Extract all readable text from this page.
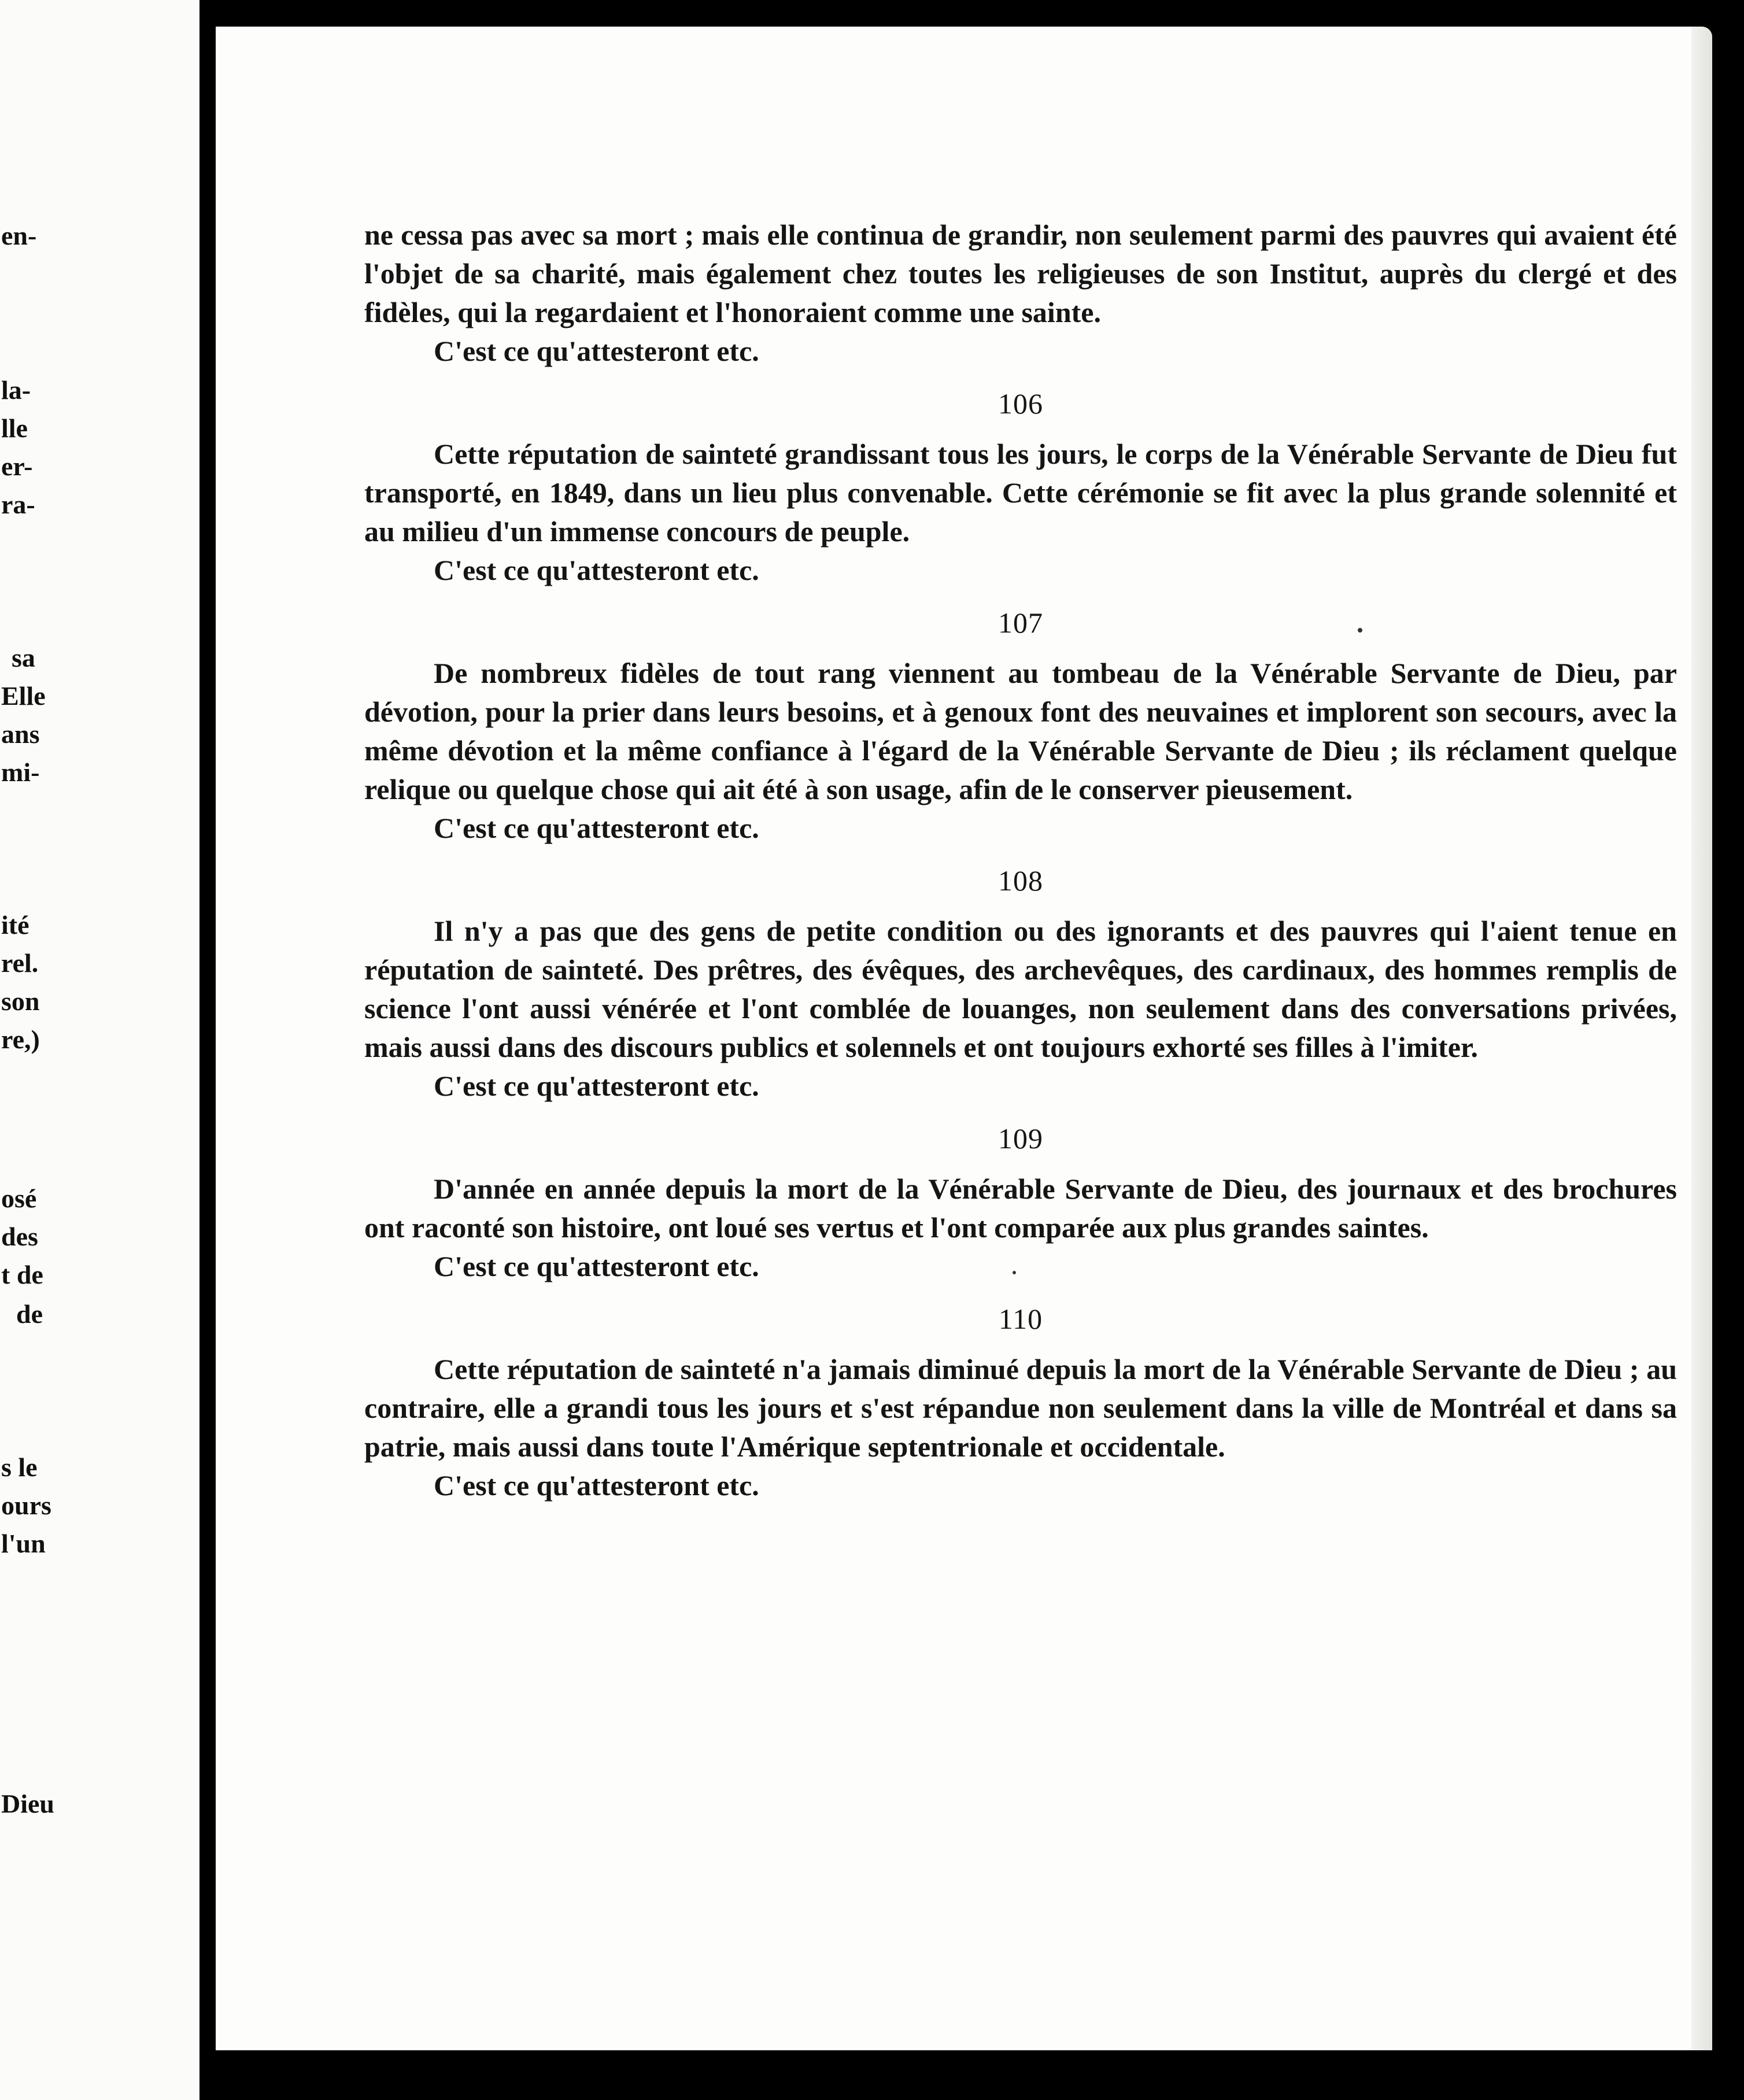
en-
la-
lle
er-
ra-
sa
Elle
ans
mi-
ité
rel.
son
re,)
osé
des
t de
de
s le
ours
l'un
Dieu

ne cessa pas avec sa mort ; mais elle continua de grandir, non seulement parmi des pauvres qui avaient été l'objet de sa charité, mais également chez toutes les religieuses de son Institut, auprès du clergé et des fidèles, qui la regardaient et l'honoraient comme une sainte.

C'est ce qu'attesteront etc.

106

Cette réputation de sainteté grandissant tous les jours, le corps de la Vénérable Servante de Dieu fut transporté, en 1849, dans un lieu plus convenable. Cette cérémonie se fit avec la plus grande solennité et au milieu d'un immense concours de peuple.

C'est ce qu'attesteront etc.

107

De nombreux fidèles de tout rang viennent au tombeau de la Vénérable Servante de Dieu, par dévotion, pour la prier dans leurs besoins, et à genoux font des neuvaines et implorent son secours, avec la même dévotion et la même confiance à l'égard de la Vénérable Servante de Dieu ; ils réclament quelque relique ou quelque chose qui ait été à son usage, afin de le conserver pieusement.

C'est ce qu'attesteront etc.

108

Il n'y a pas que des gens de petite condition ou des ignorants et des pauvres qui l'aient tenue en réputation de sainteté. Des prêtres, des évêques, des archevêques, des cardinaux, des hommes remplis de science l'ont aussi vénérée et l'ont comblée de louanges, non seulement dans des conversations privées, mais aussi dans des discours publics et solennels et ont toujours exhorté ses filles à l'imiter.

C'est ce qu'attesteront etc.

109

D'année en année depuis la mort de la Vénérable Servante de Dieu, des journaux et des brochures ont raconté son histoire, ont loué ses vertus et l'ont comparée aux plus grandes saintes.

C'est ce qu'attesteront etc.

110

Cette réputation de sainteté n'a jamais diminué depuis la mort de la Vénérable Servante de Dieu ; au contraire, elle a grandi tous les jours et s'est répandue non seulement dans la ville de Montréal et dans sa patrie, mais aussi dans toute l'Amérique septentrionale et occidentale.

C'est ce qu'attesteront etc.
